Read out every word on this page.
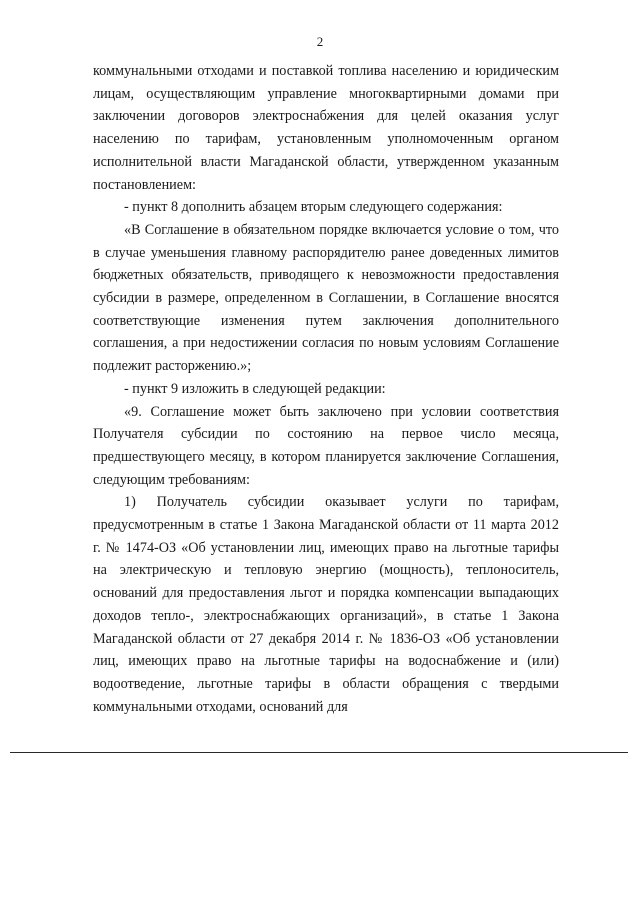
2

коммунальными отходами и поставкой топлива населению и юридическим лицам, осуществляющим управление многоквартирными домами при заключении договоров электроснабжения для целей оказания услуг населению по тарифам, установленным уполномоченным органом исполнительной власти Магаданской области, утвержденном указанным постановлением:

- пункт 8 дополнить абзацем вторым следующего содержания:

«В Соглашение в обязательном порядке включается условие о том, что в случае уменьшения главному распорядителю ранее доведенных лимитов бюджетных обязательств, приводящего к невозможности предоставления субсидии в размере, определенном в Соглашении, в Соглашение вносятся соответствующие изменения путем заключения дополнительного соглашения, а при недостижении согласия по новым условиям Соглашение подлежит расторжению.»;

- пункт 9 изложить в следующей редакции:

«9. Соглашение может быть заключено при условии соответствия Получателя субсидии по состоянию на первое число месяца, предшествующего месяцу, в котором планируется заключение Соглашения, следующим требованиям:

1) Получатель субсидии оказывает услуги по тарифам, предусмотренным в статье 1 Закона Магаданской области от 11 марта 2012 г. № 1474-ОЗ «Об установлении лиц, имеющих право на льготные тарифы на электрическую и тепловую энергию (мощность), теплоноситель, оснований для предоставления льгот и порядка компенсации выпадающих доходов тепло-, электроснабжающих организаций», в статье 1 Закона Магаданской области от 27 декабря 2014 г. № 1836-ОЗ «Об установлении лиц, имеющих право на льготные тарифы на водоснабжение и (или) водоотведение, льготные тарифы в области обращения с твердыми коммунальными отходами, оснований для
